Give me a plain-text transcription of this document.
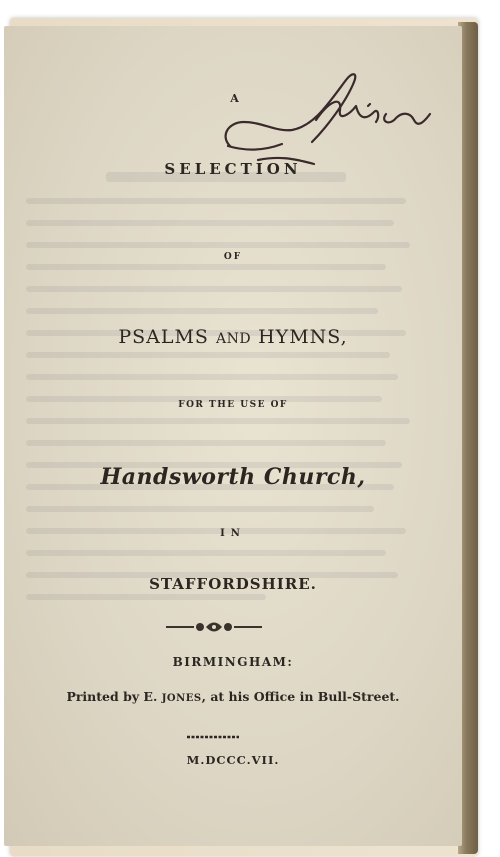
A
SELECTION
OF
PSALMS AND HYMNS,
FOR THE USE OF
Handsworth Church,
IN
STAFFORDSHIRE.
BIRMINGHAM:
Printed by E. JONES, at his Office in Bull-Street.
M.DCCC.VII.
